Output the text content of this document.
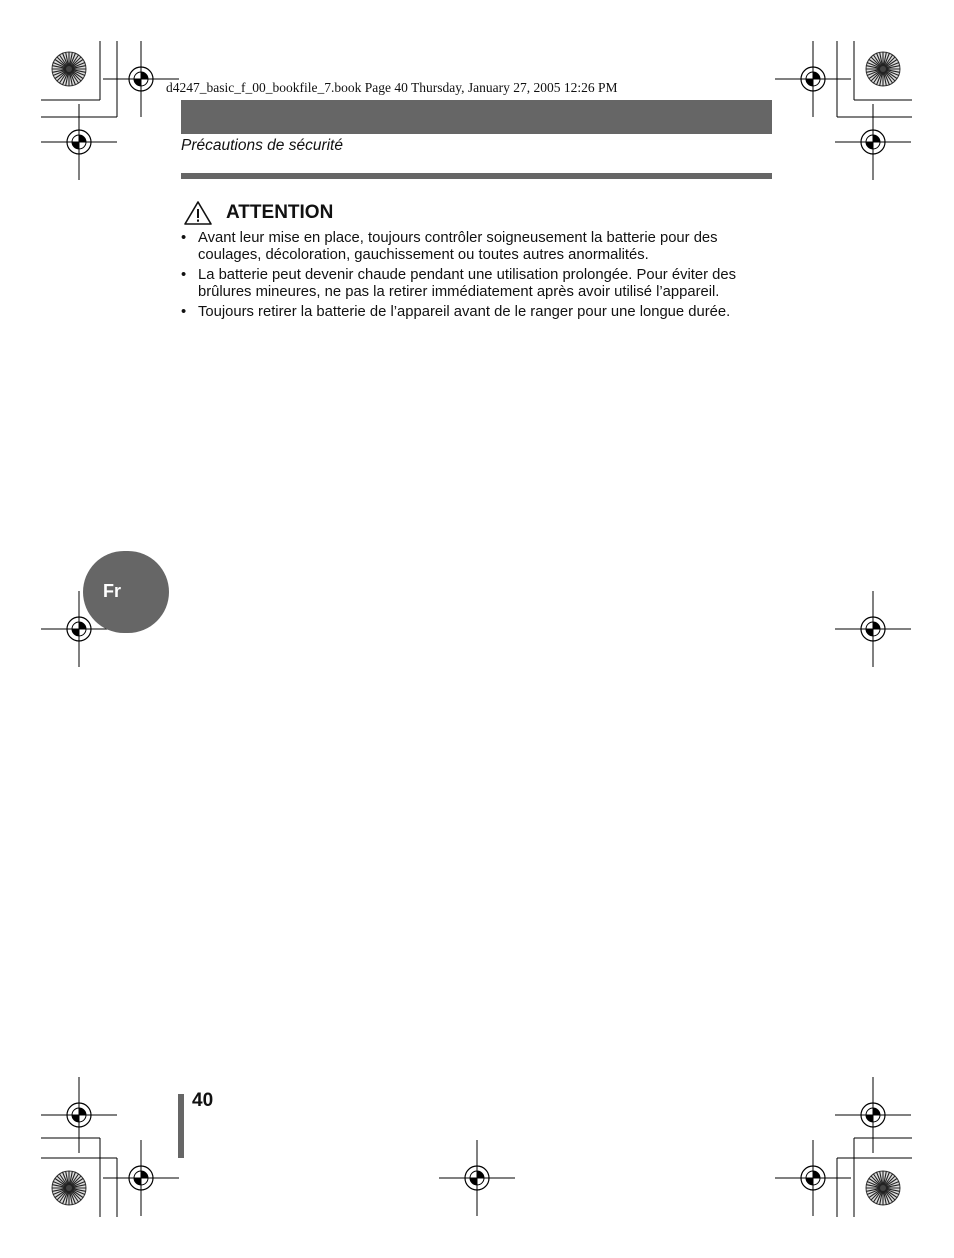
d4247_basic_f_00_bookfile_7.book Page 40 Thursday, January 27, 2005 12:26 PM
Précautions de sécurité
ATTENTION
• Avant leur mise en place, toujours contrôler soigneusement la batterie pour des coulages, décoloration, gauchissement ou toutes autres anormalités.
• La batterie peut devenir chaude pendant une utilisation prolongée. Pour éviter des brûlures mineures, ne pas la retirer immédiatement après avoir utilisé l’appareil.
• Toujours retirer la batterie de l’appareil avant de le ranger pour une longue durée.
Fr
40
